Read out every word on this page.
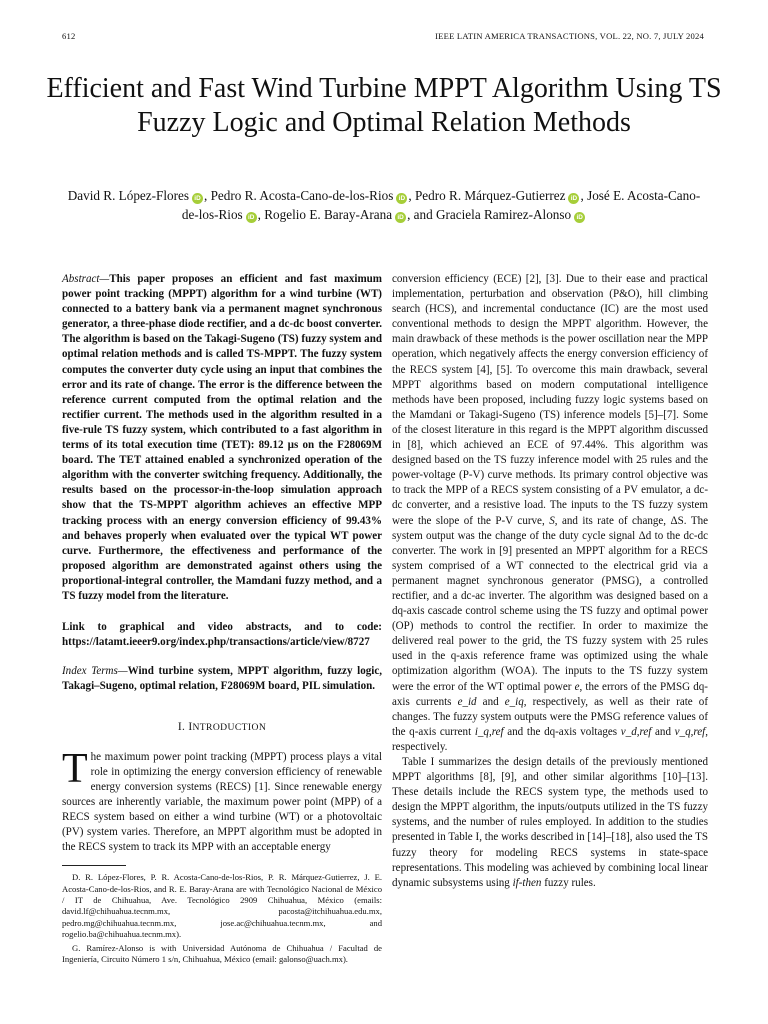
612	IEEE LATIN AMERICA TRANSACTIONS, VOL. 22, NO. 7, JULY 2024
Efficient and Fast Wind Turbine MPPT Algorithm Using TS Fuzzy Logic and Optimal Relation Methods

David R. López-Flores iD , Pedro R. Acosta-Cano-de-los-Rios iD , Pedro R. Márquez-Gutierrez iD , José E. Acosta-Cano-de-los-Rios iD , Rogelio E. Baray-Arana iD , and Graciela Ramirez-Alonso iD

Abstract—This paper proposes an efficient and fast maximum power point tracking (MPPT) algorithm for a wind turbine (WT) connected to a battery bank via a permanent magnet synchronous generator, a three-phase diode rectifier, and a dc-dc boost converter. The algorithm is based on the Takagi-Sugeno (TS) fuzzy system and optimal relation methods and is called TS-MPPT. The fuzzy system computes the converter duty cycle using an input that combines the error and its rate of change. The error is the difference between the reference current computed from the optimal relation and the rectifier current. The methods used in the algorithm resulted in a five-rule TS fuzzy system, which contributed to a fast algorithm in terms of its total execution time (TET): 89.12 µs on the F28069M board. The TET attained enabled a synchronized operation of the algorithm with the converter switching frequency. Additionally, the results based on the processor-in-the-loop simulation approach show that the TS-MPPT algorithm achieves an effective MPP tracking process with an energy conversion efficiency of 99.43% and behaves properly when evaluated over the typical WT power curve. Furthermore, the effectiveness and performance of the proposed algorithm are demonstrated against others using the proportional-integral controller, the Mamdani fuzzy method, and a TS fuzzy model from the literature.

Link to graphical and video abstracts, and to code: https://latamt.ieeer9.org/index.php/transactions/article/view/8727

Index Terms—Wind turbine system, MPPT algorithm, fuzzy logic, Takagi–Sugeno, optimal relation, F28069M board, PIL simulation.

I. INTRODUCTION

The maximum power point tracking (MPPT) process plays a vital role in optimizing the energy conversion efficiency of renewable energy conversion systems (RECS) [1]. Since renewable energy sources are inherently variable, the maximum power point (MPP) of a RECS system based on either a wind turbine (WT) or a photovoltaic (PV) system varies. Therefore, an MPPT algorithm must be adopted in the RECS system to track its MPP with an acceptable energy

D. R. López-Flores, P. R. Acosta-Cano-de-los-Rios, P. R. Márquez-Gutierrez, J. E. Acosta-Cano-de-los-Rios, and R. E. Baray-Arana are with Tecnológico Nacional de México / IT de Chihuahua, Ave. Tecnológico 2909 Chihuahua, México (emails: david.lf@chihuahua.tecnm.mx, pacosta@itchihuahua.edu.mx, pedro.mg@chihuahua.tecnm.mx, jose.ac@chihuahua.tecnm.mx, and rogelio.ba@chihuahua.tecnm.mx).

G. Ramírez-Alonso is with Universidad Autónoma de Chihuahua / Facultad de Ingeniería, Circuito Número 1 s/n, Chihuahua, México (email: galonso@uach.mx).

conversion efficiency (ECE) [2], [3]. Due to their ease and practical implementation, perturbation and observation (P&O), hill climbing search (HCS), and incremental conductance (IC) are the most used conventional methods to design the MPPT algorithm. However, the main drawback of these methods is the power oscillation near the MPP operation, which negatively affects the energy conversion efficiency of the RECS system [4], [5]. To overcome this main drawback, several MPPT algorithms based on modern computational intelligence methods have been proposed, including fuzzy logic systems based on the Mamdani or Takagi-Sugeno (TS) inference models [5]–[7]. Some of the closest literature in this regard is the MPPT algorithm discussed in [8], which achieved an ECE of 97.44%. This algorithm was designed based on the TS fuzzy inference model with 25 rules and the power-voltage (P-V) curve methods. Its primary control objective was to track the MPP of a RECS system consisting of a PV emulator, a dc-dc converter, and a resistive load. The inputs to the TS fuzzy system were the slope of the P-V curve, S, and its rate of change, ΔS. The system output was the change of the duty cycle signal Δd to the dc-dc converter. The work in [9] presented an MPPT algorithm for a RECS system comprised of a WT connected to the electrical grid via a permanent magnet synchronous generator (PMSG), a controlled rectifier, and a dc-ac inverter. The algorithm was designed based on a dq-axis cascade control scheme using the TS fuzzy and optimal power (OP) methods to control the rectifier. In order to maximize the delivered real power to the grid, the TS fuzzy system with 25 rules used in the q-axis reference frame was optimized using the whale optimization algorithm (WOA). The inputs to the TS fuzzy system were the error of the WT optimal power e, the errors of the PMSG dq-axis currents e_id and e_iq, respectively, as well as their rate of changes. The fuzzy system outputs were the PMSG reference values of the q-axis current i_q,ref and the dq-axis voltages v_d,ref and v_q,ref, respectively.

Table I summarizes the design details of the previously mentioned MPPT algorithms [8], [9], and other similar algorithms [10]–[13]. These details include the RECS system type, the methods used to design the MPPT algorithm, the inputs/outputs utilized in the TS fuzzy systems, and the number of rules employed. In addition to the studies presented in Table I, the works described in [14]–[18], also used the TS fuzzy theory for modeling RECS systems in state-space representations. This modeling was achieved by combining local linear dynamic subsystems using if-then fuzzy rules.
